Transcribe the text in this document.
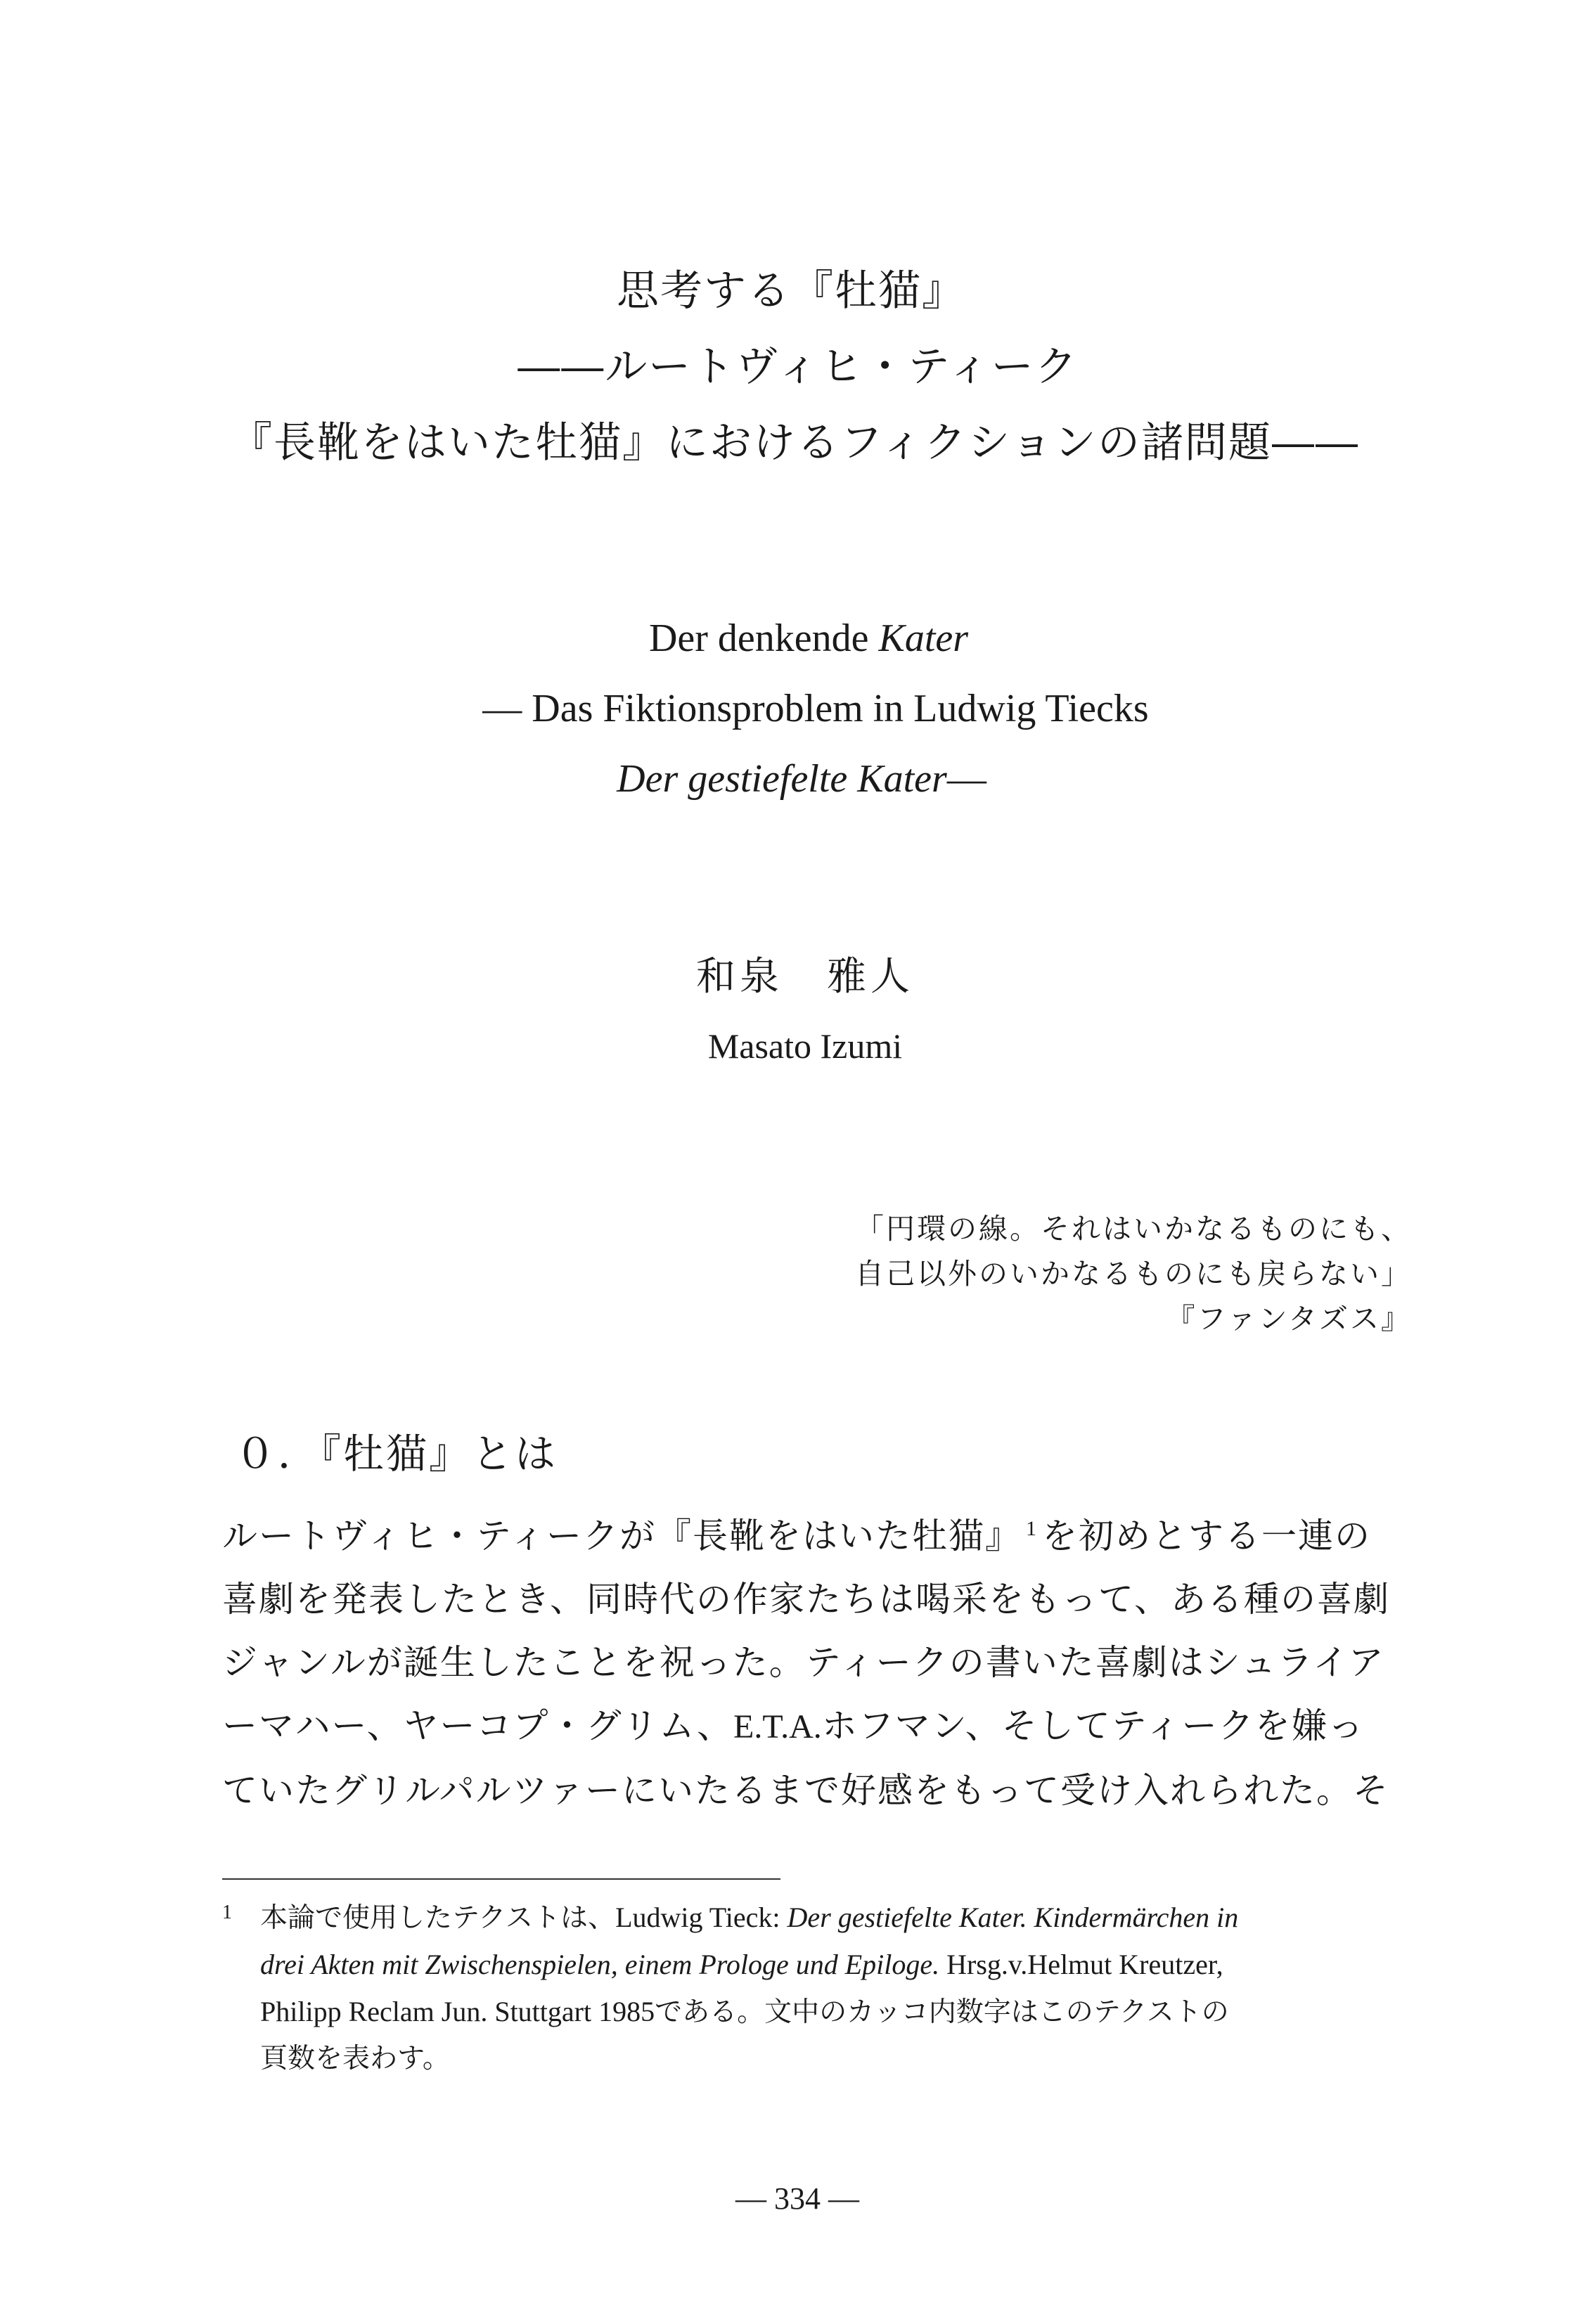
思考する『牡猫』
――ルートヴィヒ・ティーク
『長靴をはいた牡猫』におけるフィクションの諸問題――
Der denkende Kater
― Das Fiktionsproblem in Ludwig Tiecks
Der gestiefelte Kater―
和泉　雅人
Masato Izumi
「円環の線。それはいかなるものにも、
自己以外のいかなるものにも戻らない」
『ファンタズス』
０．『牡猫』とは
ルートヴィヒ・ティークが『長靴をはいた牡猫』 $^1$ を初めとする一連の
喜劇を発表したとき、同時代の作家たちは喝采をもって、ある種の喜劇
ジャンルが誕生したことを祝った。ティークの書いた喜劇はシュライア
ーマハー、ヤーコプ・グリム、E.T.A.ホフマン、そしてティークを嫌っ
ていたグリルパルツァーにいたるまで好感をもって受け入れられた。そ
1 本論で使用したテクストは、Ludwig Tieck: Der gestiefelte Kater. Kindermärchen in
drei Akten mit Zwischenspielen, einem Prologe und Epiloge. Hrsg.v.Helmut Kreutzer,
Philipp Reclam Jun. Stuttgart 1985である。文中のカッコ内数字はこのテクストの
頁数を表わす。
― 334 ―
